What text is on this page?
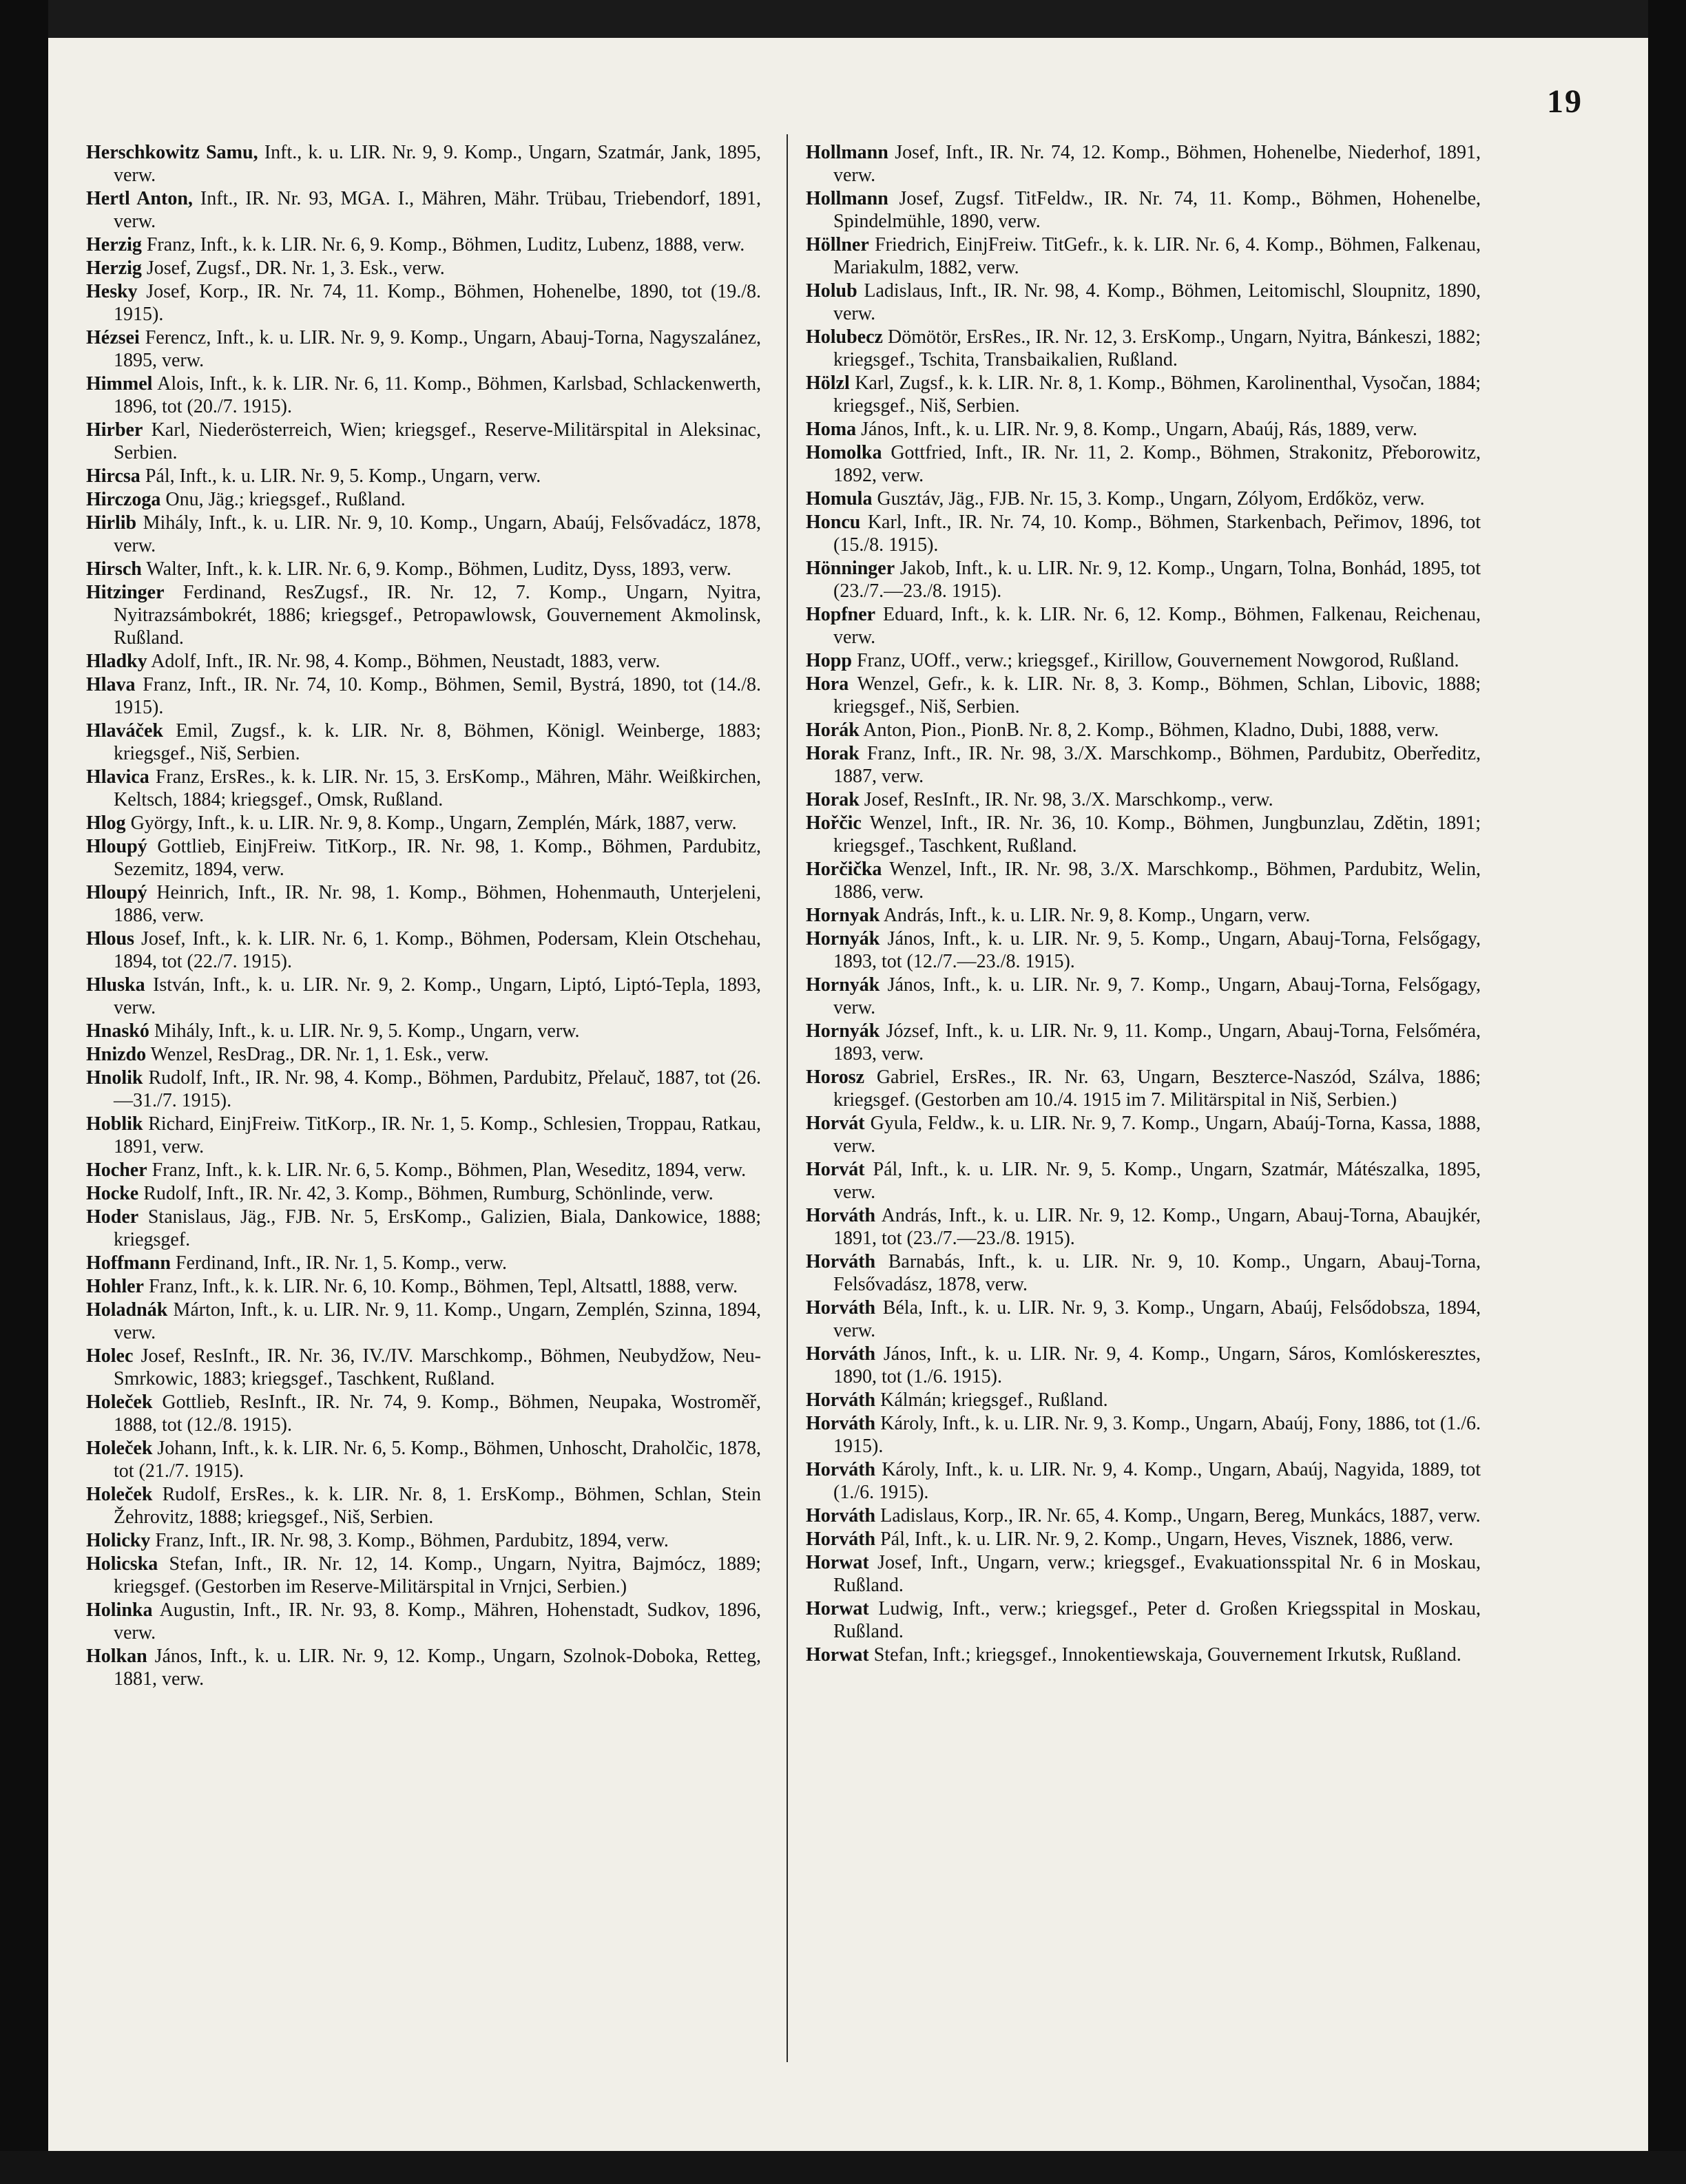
19

Herschkowitz Samu, Inft., k. u. LIR. Nr. 9, 9. Komp., Ungarn, Szatmár, Jank, 1895, verw.

Hertl Anton, Inft., IR. Nr. 93, MGA. I., Mähren, Mähr. Trübau, Triebendorf, 1891, verw.

Herzig Franz, Inft., k. k. LIR. Nr. 6, 9. Komp., Böhmen, Luditz, Lubenz, 1888, verw.

Herzig Josef, Zugsf., DR. Nr. 1, 3. Esk., verw.

Hesky Josef, Korp., IR. Nr. 74, 11. Komp., Böhmen, Hohenelbe, 1890, tot (19./8. 1915).

Hézsei Ferencz, Inft., k. u. LIR. Nr. 9, 9. Komp., Ungarn, Abauj-Torna, Nagyszalánez, 1895, verw.

Himmel Alois, Inft., k. k. LIR. Nr. 6, 11. Komp., Böhmen, Karlsbad, Schlackenwerth, 1896, tot (20./7. 1915).

Hirber Karl, Niederösterreich, Wien; kriegsgef., Reserve-Militärspital in Aleksinac, Serbien.

Hircsa Pál, Inft., k. u. LIR. Nr. 9, 5. Komp., Ungarn, verw.

Hirczoga Onu, Jäg.; kriegsgef., Rußland.

Hirlib Mihály, Inft., k. u. LIR. Nr. 9, 10. Komp., Ungarn, Abaúj, Felsővadácz, 1878, verw.

Hirsch Walter, Inft., k. k. LIR. Nr. 6, 9. Komp., Böhmen, Luditz, Dyss, 1893, verw.

Hitzinger Ferdinand, ResZugsf., IR. Nr. 12, 7. Komp., Ungarn, Nyitra, Nyitrazsámbokrét, 1886; kriegsgef., Petropawlowsk, Gouvernement Akmolinsk, Rußland.

Hladky Adolf, Inft., IR. Nr. 98, 4. Komp., Böhmen, Neustadt, 1883, verw.

Hlava Franz, Inft., IR. Nr. 74, 10. Komp., Böhmen, Semil, Bystrá, 1890, tot (14./8. 1915).

Hlaváček Emil, Zugsf., k. k. LIR. Nr. 8, Böhmen, Königl. Weinberge, 1883; kriegsgef., Niš, Serbien.

Hlavica Franz, ErsRes., k. k. LIR. Nr. 15, 3. ErsKomp., Mähren, Mähr. Weißkirchen, Keltsch, 1884; kriegsgef., Omsk, Rußland.

Hlog György, Inft., k. u. LIR. Nr. 9, 8. Komp., Ungarn, Zemplén, Márk, 1887, verw.

Hloupý Gottlieb, EinjFreiw. TitKorp., IR. Nr. 98, 1. Komp., Böhmen, Pardubitz, Sezemitz, 1894, verw.

Hloupý Heinrich, Inft., IR. Nr. 98, 1. Komp., Böhmen, Hohenmauth, Unterjeleni, 1886, verw.

Hlous Josef, Inft., k. k. LIR. Nr. 6, 1. Komp., Böhmen, Podersam, Klein Otschehau, 1894, tot (22./7. 1915).

Hluska István, Inft., k. u. LIR. Nr. 9, 2. Komp., Ungarn, Liptó, Liptó-Tepla, 1893, verw.

Hnaskó Mihály, Inft., k. u. LIR. Nr. 9, 5. Komp., Ungarn, verw.

Hnizdo Wenzel, ResDrag., DR. Nr. 1, 1. Esk., verw.

Hnolik Rudolf, Inft., IR. Nr. 98, 4. Komp., Böhmen, Pardubitz, Přelauč, 1887, tot (26.—31./7. 1915).

Hoblik Richard, EinjFreiw. TitKorp., IR. Nr. 1, 5. Komp., Schlesien, Troppau, Ratkau, 1891, verw.

Hocher Franz, Inft., k. k. LIR. Nr. 6, 5. Komp., Böhmen, Plan, Weseditz, 1894, verw.

Hocke Rudolf, Inft., IR. Nr. 42, 3. Komp., Böhmen, Rumburg, Schönlinde, verw.

Hoder Stanislaus, Jäg., FJB. Nr. 5, ErsKomp., Galizien, Biala, Dankowice, 1888; kriegsgef.

Hoffmann Ferdinand, Inft., IR. Nr. 1, 5. Komp., verw.

Hohler Franz, Inft., k. k. LIR. Nr. 6, 10. Komp., Böhmen, Tepl, Altsattl, 1888, verw.

Holadnák Márton, Inft., k. u. LIR. Nr. 9, 11. Komp., Ungarn, Zemplén, Szinna, 1894, verw.

Holec Josef, ResInft., IR. Nr. 36, IV./IV. Marschkomp., Böhmen, Neubydžow, Neu-Smrkowic, 1883; kriegsgef., Taschkent, Rußland.

Holeček Gottlieb, ResInft., IR. Nr. 74, 9. Komp., Böhmen, Neupaka, Wostroměř, 1888, tot (12./8. 1915).

Holeček Johann, Inft., k. k. LIR. Nr. 6, 5. Komp., Böhmen, Unhoscht, Draholčic, 1878, tot (21./7. 1915).

Holeček Rudolf, ErsRes., k. k. LIR. Nr. 8, 1. ErsKomp., Böhmen, Schlan, Stein Žehrovitz, 1888; kriegsgef., Niš, Serbien.

Holicky Franz, Inft., IR. Nr. 98, 3. Komp., Böhmen, Pardubitz, 1894, verw.

Holicska Stefan, Inft., IR. Nr. 12, 14. Komp., Ungarn, Nyitra, Bajmócz, 1889; kriegsgef. (Gestorben im Reserve-Militärspital in Vrnjci, Serbien.)

Holinka Augustin, Inft., IR. Nr. 93, 8. Komp., Mähren, Hohenstadt, Sudkov, 1896, verw.

Holkan János, Inft., k. u. LIR. Nr. 9, 12. Komp., Ungarn, Szolnok-Doboka, Retteg, 1881, verw.

Hollmann Josef, Inft., IR. Nr. 74, 12. Komp., Böhmen, Hohenelbe, Niederhof, 1891, verw.

Hollmann Josef, Zugsf. TitFeldw., IR. Nr. 74, 11. Komp., Böhmen, Hohenelbe, Spindelmühle, 1890, verw.

Höllner Friedrich, EinjFreiw. TitGefr., k. k. LIR. Nr. 6, 4. Komp., Böhmen, Falkenau, Mariakulm, 1882, verw.

Holub Ladislaus, Inft., IR. Nr. 98, 4. Komp., Böhmen, Leitomischl, Sloupnitz, 1890, verw.

Holubecz Dömötör, ErsRes., IR. Nr. 12, 3. ErsKomp., Ungarn, Nyitra, Bánkeszi, 1882; kriegsgef., Tschita, Transbaikalien, Rußland.

Hölzl Karl, Zugsf., k. k. LIR. Nr. 8, 1. Komp., Böhmen, Karolinenthal, Vysočan, 1884; kriegsgef., Niš, Serbien.

Homa János, Inft., k. u. LIR. Nr. 9, 8. Komp., Ungarn, Abaúj, Rás, 1889, verw.

Homolka Gottfried, Inft., IR. Nr. 11, 2. Komp., Böhmen, Strakonitz, Přeborowitz, 1892, verw.

Homula Gusztáv, Jäg., FJB. Nr. 15, 3. Komp., Ungarn, Zólyom, Erdőköz, verw.

Honcu Karl, Inft., IR. Nr. 74, 10. Komp., Böhmen, Starkenbach, Peřimov, 1896, tot (15./8. 1915).

Hönninger Jakob, Inft., k. u. LIR. Nr. 9, 12. Komp., Ungarn, Tolna, Bonhád, 1895, tot (23./7.—23./8. 1915).

Hopfner Eduard, Inft., k. k. LIR. Nr. 6, 12. Komp., Böhmen, Falkenau, Reichenau, verw.

Hopp Franz, UOff., verw.; kriegsgef., Kirillow, Gouvernement Nowgorod, Rußland.

Hora Wenzel, Gefr., k. k. LIR. Nr. 8, 3. Komp., Böhmen, Schlan, Libovic, 1888; kriegsgef., Niš, Serbien.

Horák Anton, Pion., PionB. Nr. 8, 2. Komp., Böhmen, Kladno, Dubi, 1888, verw.

Horak Franz, Inft., IR. Nr. 98, 3./X. Marschkomp., Böhmen, Pardubitz, Oberředitz, 1887, verw.

Horak Josef, ResInft., IR. Nr. 98, 3./X. Marschkomp., verw.

Hořčic Wenzel, Inft., IR. Nr. 36, 10. Komp., Böhmen, Jungbunzlau, Zdětin, 1891; kriegsgef., Taschkent, Rußland.

Horčička Wenzel, Inft., IR. Nr. 98, 3./X. Marschkomp., Böhmen, Pardubitz, Welin, 1886, verw.

Hornyak András, Inft., k. u. LIR. Nr. 9, 8. Komp., Ungarn, verw.

Hornyák János, Inft., k. u. LIR. Nr. 9, 5. Komp., Ungarn, Abauj-Torna, Felsőgagy, 1893, tot (12./7.—23./8. 1915).

Hornyák János, Inft., k. u. LIR. Nr. 9, 7. Komp., Ungarn, Abauj-Torna, Felsőgagy, verw.

Hornyák József, Inft., k. u. LIR. Nr. 9, 11. Komp., Ungarn, Abauj-Torna, Felsőméra, 1893, verw.

Horosz Gabriel, ErsRes., IR. Nr. 63, Ungarn, Beszterce-Naszód, Szálva, 1886; kriegsgef. (Gestorben am 10./4. 1915 im 7. Militärspital in Niš, Serbien.)

Horvát Gyula, Feldw., k. u. LIR. Nr. 9, 7. Komp., Ungarn, Abaúj-Torna, Kassa, 1888, verw.

Horvát Pál, Inft., k. u. LIR. Nr. 9, 5. Komp., Ungarn, Szatmár, Mátészalka, 1895, verw.

Horváth András, Inft., k. u. LIR. Nr. 9, 12. Komp., Ungarn, Abauj-Torna, Abaujkér, 1891, tot (23./7.—23./8. 1915).

Horváth Barnabás, Inft., k. u. LIR. Nr. 9, 10. Komp., Ungarn, Abauj-Torna, Felsővadász, 1878, verw.

Horváth Béla, Inft., k. u. LIR. Nr. 9, 3. Komp., Ungarn, Abaúj, Felsődobsza, 1894, verw.

Horváth János, Inft., k. u. LIR. Nr. 9, 4. Komp., Ungarn, Sáros, Komlóskeresztes, 1890, tot (1./6. 1915).

Horváth Kálmán; kriegsgef., Rußland.

Horváth Károly, Inft., k. u. LIR. Nr. 9, 3. Komp., Ungarn, Abaúj, Fony, 1886, tot (1./6. 1915).

Horváth Károly, Inft., k. u. LIR. Nr. 9, 4. Komp., Ungarn, Abaúj, Nagyida, 1889, tot (1./6. 1915).

Horváth Ladislaus, Korp., IR. Nr. 65, 4. Komp., Ungarn, Bereg, Munkács, 1887, verw.

Horváth Pál, Inft., k. u. LIR. Nr. 9, 2. Komp., Ungarn, Heves, Visznek, 1886, verw.

Horwat Josef, Inft., Ungarn, verw.; kriegsgef., Evakuationsspital Nr. 6 in Moskau, Rußland.

Horwat Ludwig, Inft., verw.; kriegsgef., Peter d. Großen Kriegsspital in Moskau, Rußland.

Horwat Stefan, Inft.; kriegsgef., Innokentiewskaja, Gouvernement Irkutsk, Rußland.
